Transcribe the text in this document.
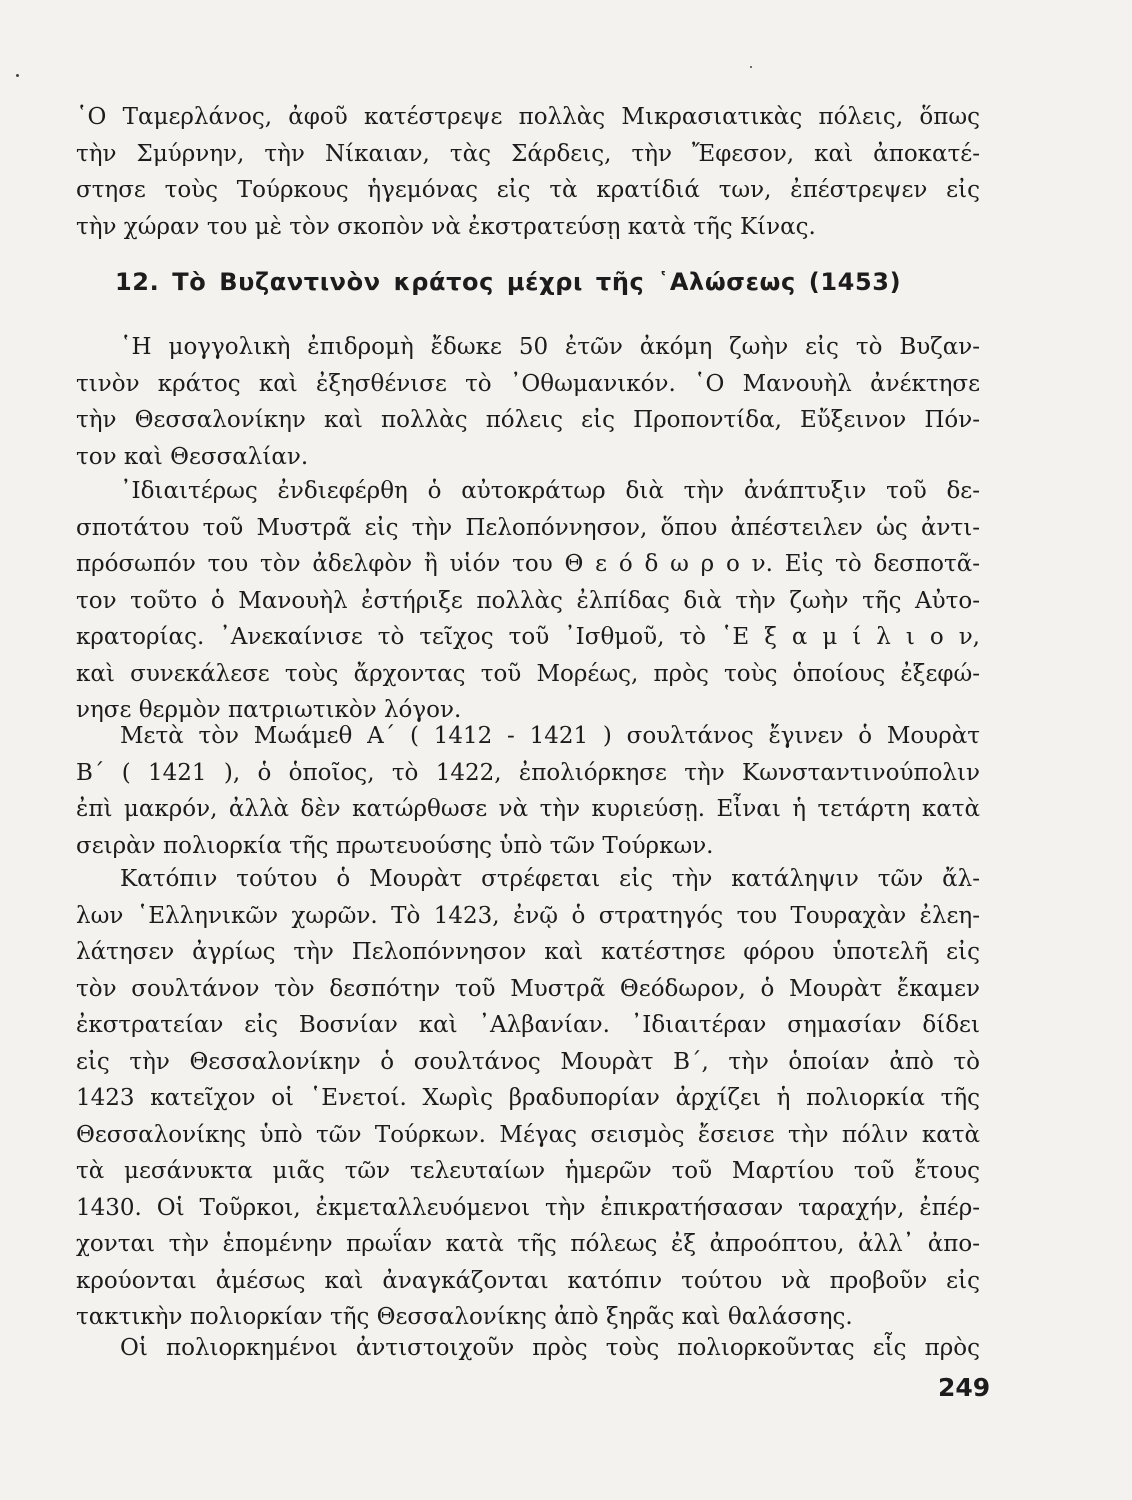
῾Ο Ταμερλάνος, ἀφοῦ κατέστρεψε πολλὰς Μικρασιατικὰς πόλεις, ὅπως
τὴν Σμύρνην, τὴν Νίκαιαν, τὰς Σάρδεις, τὴν Ἔφεσον, καὶ ἀποκατέ-
στησε τοὺς Τούρκους ἡγεμόνας εἰς τὰ κρατίδιά των, ἐπέστρεψεν εἰς
τὴν χώραν του μὲ τὸν σκοπὸν νὰ ἐκστρατεύσῃ κατὰ τῆς Κίνας.
12. Τὸ Βυζαντινὸν κράτος μέχρι τῆς ῾Αλώσεως (1453)
῾Η μογγολικὴ ἐπιδρομὴ ἔδωκε 50 ἐτῶν ἀκόμη ζωὴν εἰς τὸ Βυζαν-
τινὸν κράτος καὶ ἐξησθένισε τὸ ᾿Οθωμανικόν. ῾Ο Μανουὴλ ἀνέκτησε
τὴν Θεσσαλονίκην καὶ πολλὰς πόλεις εἰς Προποντίδα, Εὔξεινον Πόν-
τον καὶ Θεσσαλίαν.
᾿Ιδιαιτέρως ἐνδιεφέρθη ὁ αὐτοκράτωρ διὰ τὴν ἀνάπτυξιν τοῦ δε-
σποτάτου τοῦ Μυστρᾶ εἰς τὴν Πελοπόννησον, ὅπου ἀπέστειλεν ὡς ἀντι-
πρόσωπόν του τὸν ἀδελφὸν ἢ υἱόν του Θ ε ό δ ω ρ ο ν. Εἰς τὸ δεσποτᾶ-
τον τοῦτο ὁ Μανουὴλ ἐστήριξε πολλὰς ἐλπίδας διὰ τὴν ζωὴν τῆς Αὐτο-
κρατορίας. ᾿Ανεκαίνισε τὸ τεῖχος τοῦ ᾿Ισθμοῦ, τὸ ῾Ε ξ α μ ί λ ι ο ν,
καὶ συνεκάλεσε τοὺς ἄρχοντας τοῦ Μορέως, πρὸς τοὺς ὁποίους ἐξεφώ-
νησε θερμὸν πατριωτικὸν λόγον.
Μετὰ τὸν Μωάμεθ Α΄ ( 1412 - 1421 ) σουλτάνος ἔγινεν ὁ Μουρὰτ
Β΄ ( 1421 ), ὁ ὁποῖος, τὸ 1422, ἐπολιόρκησε τὴν Κωνσταντινούπολιν
ἐπὶ μακρόν, ἀλλὰ δὲν κατώρθωσε νὰ τὴν κυριεύσῃ. Εἶναι ἡ τετάρτη κατὰ
σειρὰν πολιορκία τῆς πρωτευούσης ὑπὸ τῶν Τούρκων.
Κατόπιν τούτου ὁ Μουρὰτ στρέφεται εἰς τὴν κατάληψιν τῶν ἄλ-
λων ῾Ελληνικῶν χωρῶν. Τὸ 1423, ἐνῷ ὁ στρατηγός του Τουραχὰν ἐλεη-
λάτησεν ἀγρίως τὴν Πελοπόννησον καὶ κατέστησε φόρου ὑποτελῆ εἰς
τὸν σουλτάνον τὸν δεσπότην τοῦ Μυστρᾶ Θεόδωρον, ὁ Μουρὰτ ἔκαμεν
ἐκστρατείαν εἰς Βοσνίαν καὶ ᾿Αλβανίαν. ᾿Ιδιαιτέραν σημασίαν δίδει
εἰς τὴν Θεσσαλονίκην ὁ σουλτάνος Μουρὰτ Β΄, τὴν ὁποίαν ἀπὸ τὸ
1423 κατεῖχον οἱ ῾Ενετοί. Χωρὶς βραδυπορίαν ἀρχίζει ἡ πολιορκία τῆς
Θεσσαλονίκης ὑπὸ τῶν Τούρκων. Μέγας σεισμὸς ἔσεισε τὴν πόλιν κατὰ
τὰ μεσάνυκτα μιᾶς τῶν τελευταίων ἡμερῶν τοῦ Μαρτίου τοῦ ἔτους
1430. Οἱ Τοῦρκοι, ἐκμεταλλευόμενοι τὴν ἐπικρατήσασαν ταραχήν, ἐπέρ-
χονται τὴν ἑπομένην πρωΐαν κατὰ τῆς πόλεως ἐξ ἀπροόπτου, ἀλλ᾿ ἀπο-
κρούονται ἀμέσως καὶ ἀναγκάζονται κατόπιν τούτου νὰ προβοῦν εἰς
τακτικὴν πολιορκίαν τῆς Θεσσαλονίκης ἀπὸ ξηρᾶς καὶ θαλάσσης.
Οἱ πολιορκημένοι ἀντιστοιχοῦν πρὸς τοὺς πολιορκοῦντας εἷς πρὸς
249
